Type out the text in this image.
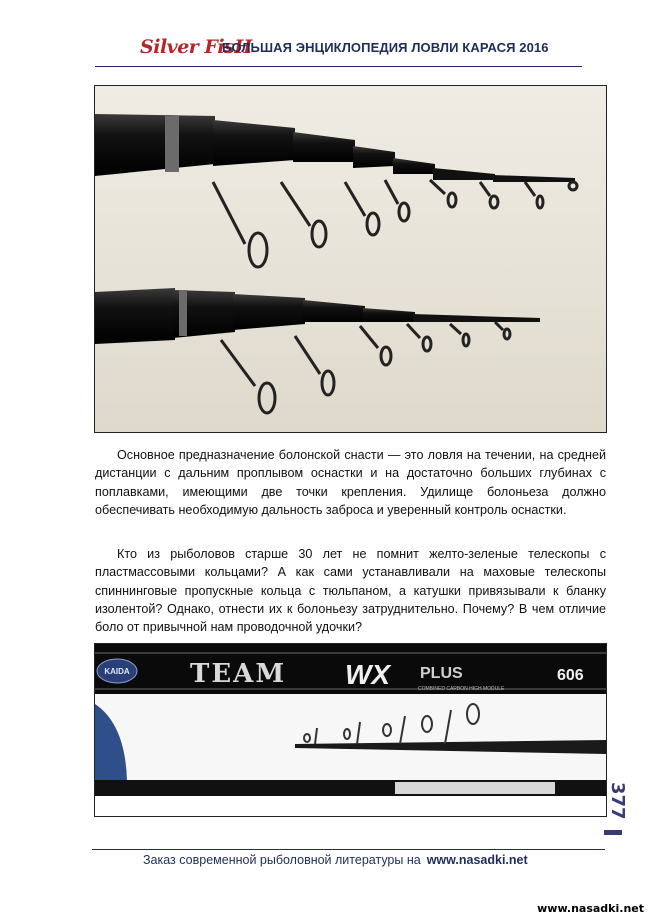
Silver FisH
БОЛЬШАЯ ЭНЦИКЛОПЕДИЯ ЛОВЛИ КАРАСЯ 2016

Основное предназначение болонской снасти — это ловля на течении, на средней дистанции с дальним проплывом оснастки и на достаточно больших глубинах с поплавками, имеющими две точки крепления. Удилище болоньеза должно обеспечивать необходимую дальность заброса и уверенный контроль оснастки.

Кто из рыболовов старше 30 лет не помнит желто-зеленые телескопы с пластмассовыми кольцами? А как сами устанавливали на маховые телескопы спиннинговые пропускные кольца с тюльпаном, а катушки привязывали к бланку изолентой? Однако, отнести их к болоньезу затруднительно. Почему? В чем отличие боло от привычной нам проводочной удочки?

KAIDA TEAM WX PLUS	606
COMBINED CARBON HIGH MODULE
377
Заказ современной рыболовной литературы на www.nasadki.net
www.nasadki.net
